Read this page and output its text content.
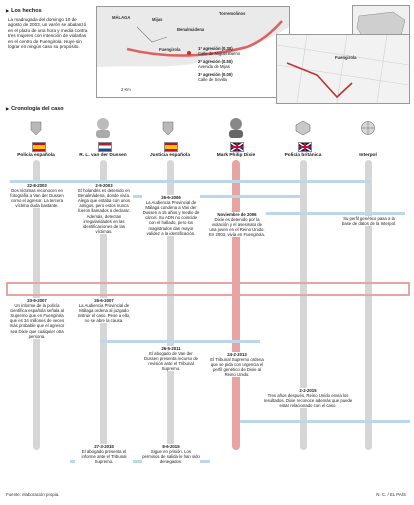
▶ Los hechos
La madrugada del domingo 10 de agosto de 2003, un varón se abalanzó en el plazo de una hora y media contra tres mujeres con intención de violarlas en el centro de Fuengirola. Huye sin lograr en ningún caso su propósito.
Torremolinos
MÁLAGA	Mijas
Benalmádena
Fuengirola
2 Km
1ª agresión (0.30)
Calle de Miguel Bueno
2ª agresión (0.50)
Avenida de Mijas
3ª agresión (0.00)
Calle de Sevilla
Fuengirola
▶ Cronología del caso
Policía española	R. L. van der Dussen	Justicia española	Mark Philip Dixie	Policía británica	Interpol
22-8-2003
Dos víctimas reconocen en fotografía a Van der Dussen como el agresor. La tercera víctima duda bastante.
2-9-2003
El holandés es detenido en Benalmádena, donde vivía. Alega que estaba con unos amigos, pero estos nunca fueron llamados a declarar. Además, detectan irregularidades en las identificaciones de las víctimas.
26-6-2006
La Audiencia Provincial de Málaga condena a Van der Dussen a 15 años y medio de cárcel. Su ADN no coincide con el hallado, pero los magistrados dan mayor validez a la identificación.
Noviembre de 2006
Dixie es detenido por la violación y el asesinato de una joven en el Reino Unido. En 2003, vivía en Fuengirola.
Su perfil genético pasa a la base de datos de la Interpol.
23-9-2007
Un informe de la policía científica española señala al Supremo que en Fuengirola que es 34 millones de veces más probable que el agresor sea Dixie que cualquier otra persona.
26-6-2007
La Audiencia Provincial de Málaga ordena al juzgado instruir el caso. Pese a ello, no se abre la causa.
26-5-2011
El abogado de Van der Dussen presenta recurso de revisión ante el Tribunal Supremo.
24-2-2013
El Tribunal Supremo ordena que se pida con urgencia el perfil genético de Dixie al Reino Unido.
2-2-2015
Tres años después, Reino Unido envía los resultados. Dixie reconoce además que puede estar relacionado con el caso.
27-3-2015
El abogado presenta el informe ante el Tribunal Supremo.
8-6-2015
Sigue en prisión. Los permisos de salida le han sido denegados.
Fuente: elaboración propia.	N. C. / EL PAÍS
